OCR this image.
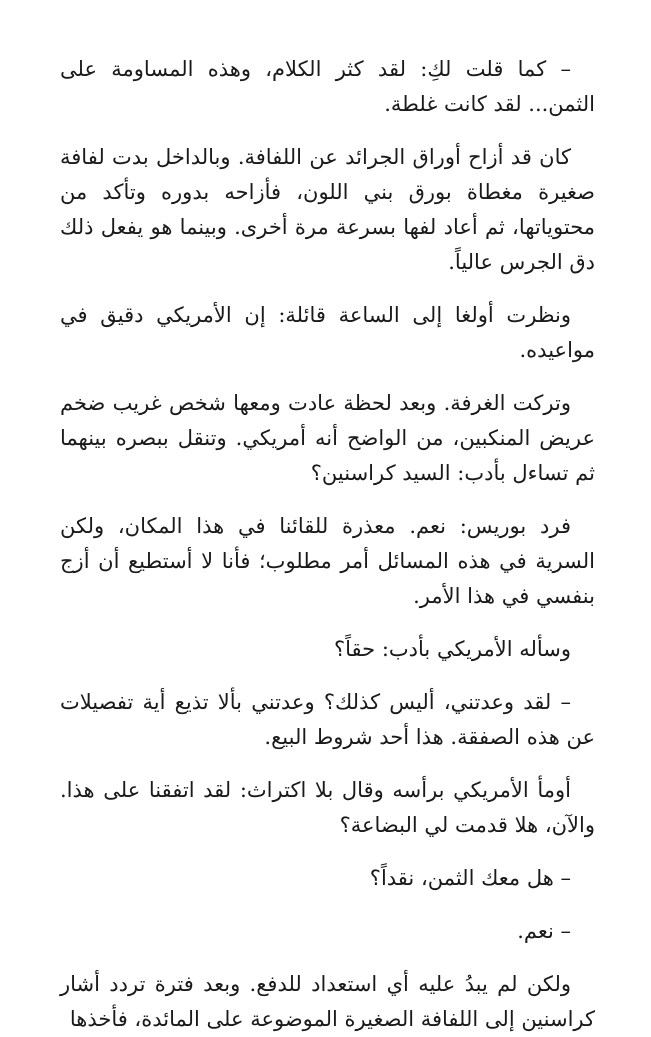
– كما قلت لكِ: لقد كثر الكلام، وهذه المساومة على الثمن... لقد كانت غلطة.

كان قد أزاح أوراق الجرائد عن اللفافة. وبالداخل بدت لفافة صغيرة مغطاة بورق بني اللون، فأزاحه بدوره وتأكد من محتوياتها، ثم أعاد لفها بسرعة مرة أخرى. وبينما هو يفعل ذلك دق الجرس عالياً.

ونظرت أولغا إلى الساعة قائلة: إن الأمريكي دقيق في مواعيده.

وتركت الغرفة. وبعد لحظة عادت ومعها شخص غريب ضخم عريض المنكبين، من الواضح أنه أمريكي. وتنقل ببصره بينهما ثم تساءل بأدب: السيد كراسنين؟

فرد بوريس: نعم. معذرة للقائنا في هذا المكان، ولكن السرية في هذه المسائل أمر مطلوب؛ فأنا لا أستطيع أن أزج بنفسي في هذا الأمر.

وسأله الأمريكي بأدب: حقاً؟

– لقد وعدتني، أليس كذلك؟ وعدتني بألا تذيع أية تفصيلات عن هذه الصفقة. هذا أحد شروط البيع.

أومأ الأمريكي برأسه وقال بلا اكتراث: لقد اتفقنا على هذا. والآن، هلا قدمت لي البضاعة؟

– هل معك الثمن، نقداً؟

– نعم.

ولكن لم يبدُ عليه أي استعداد للدفع. وبعد فترة تردد أشار كراسنين إلى اللفافة الصغيرة الموضوعة على المائدة، فأخذها
